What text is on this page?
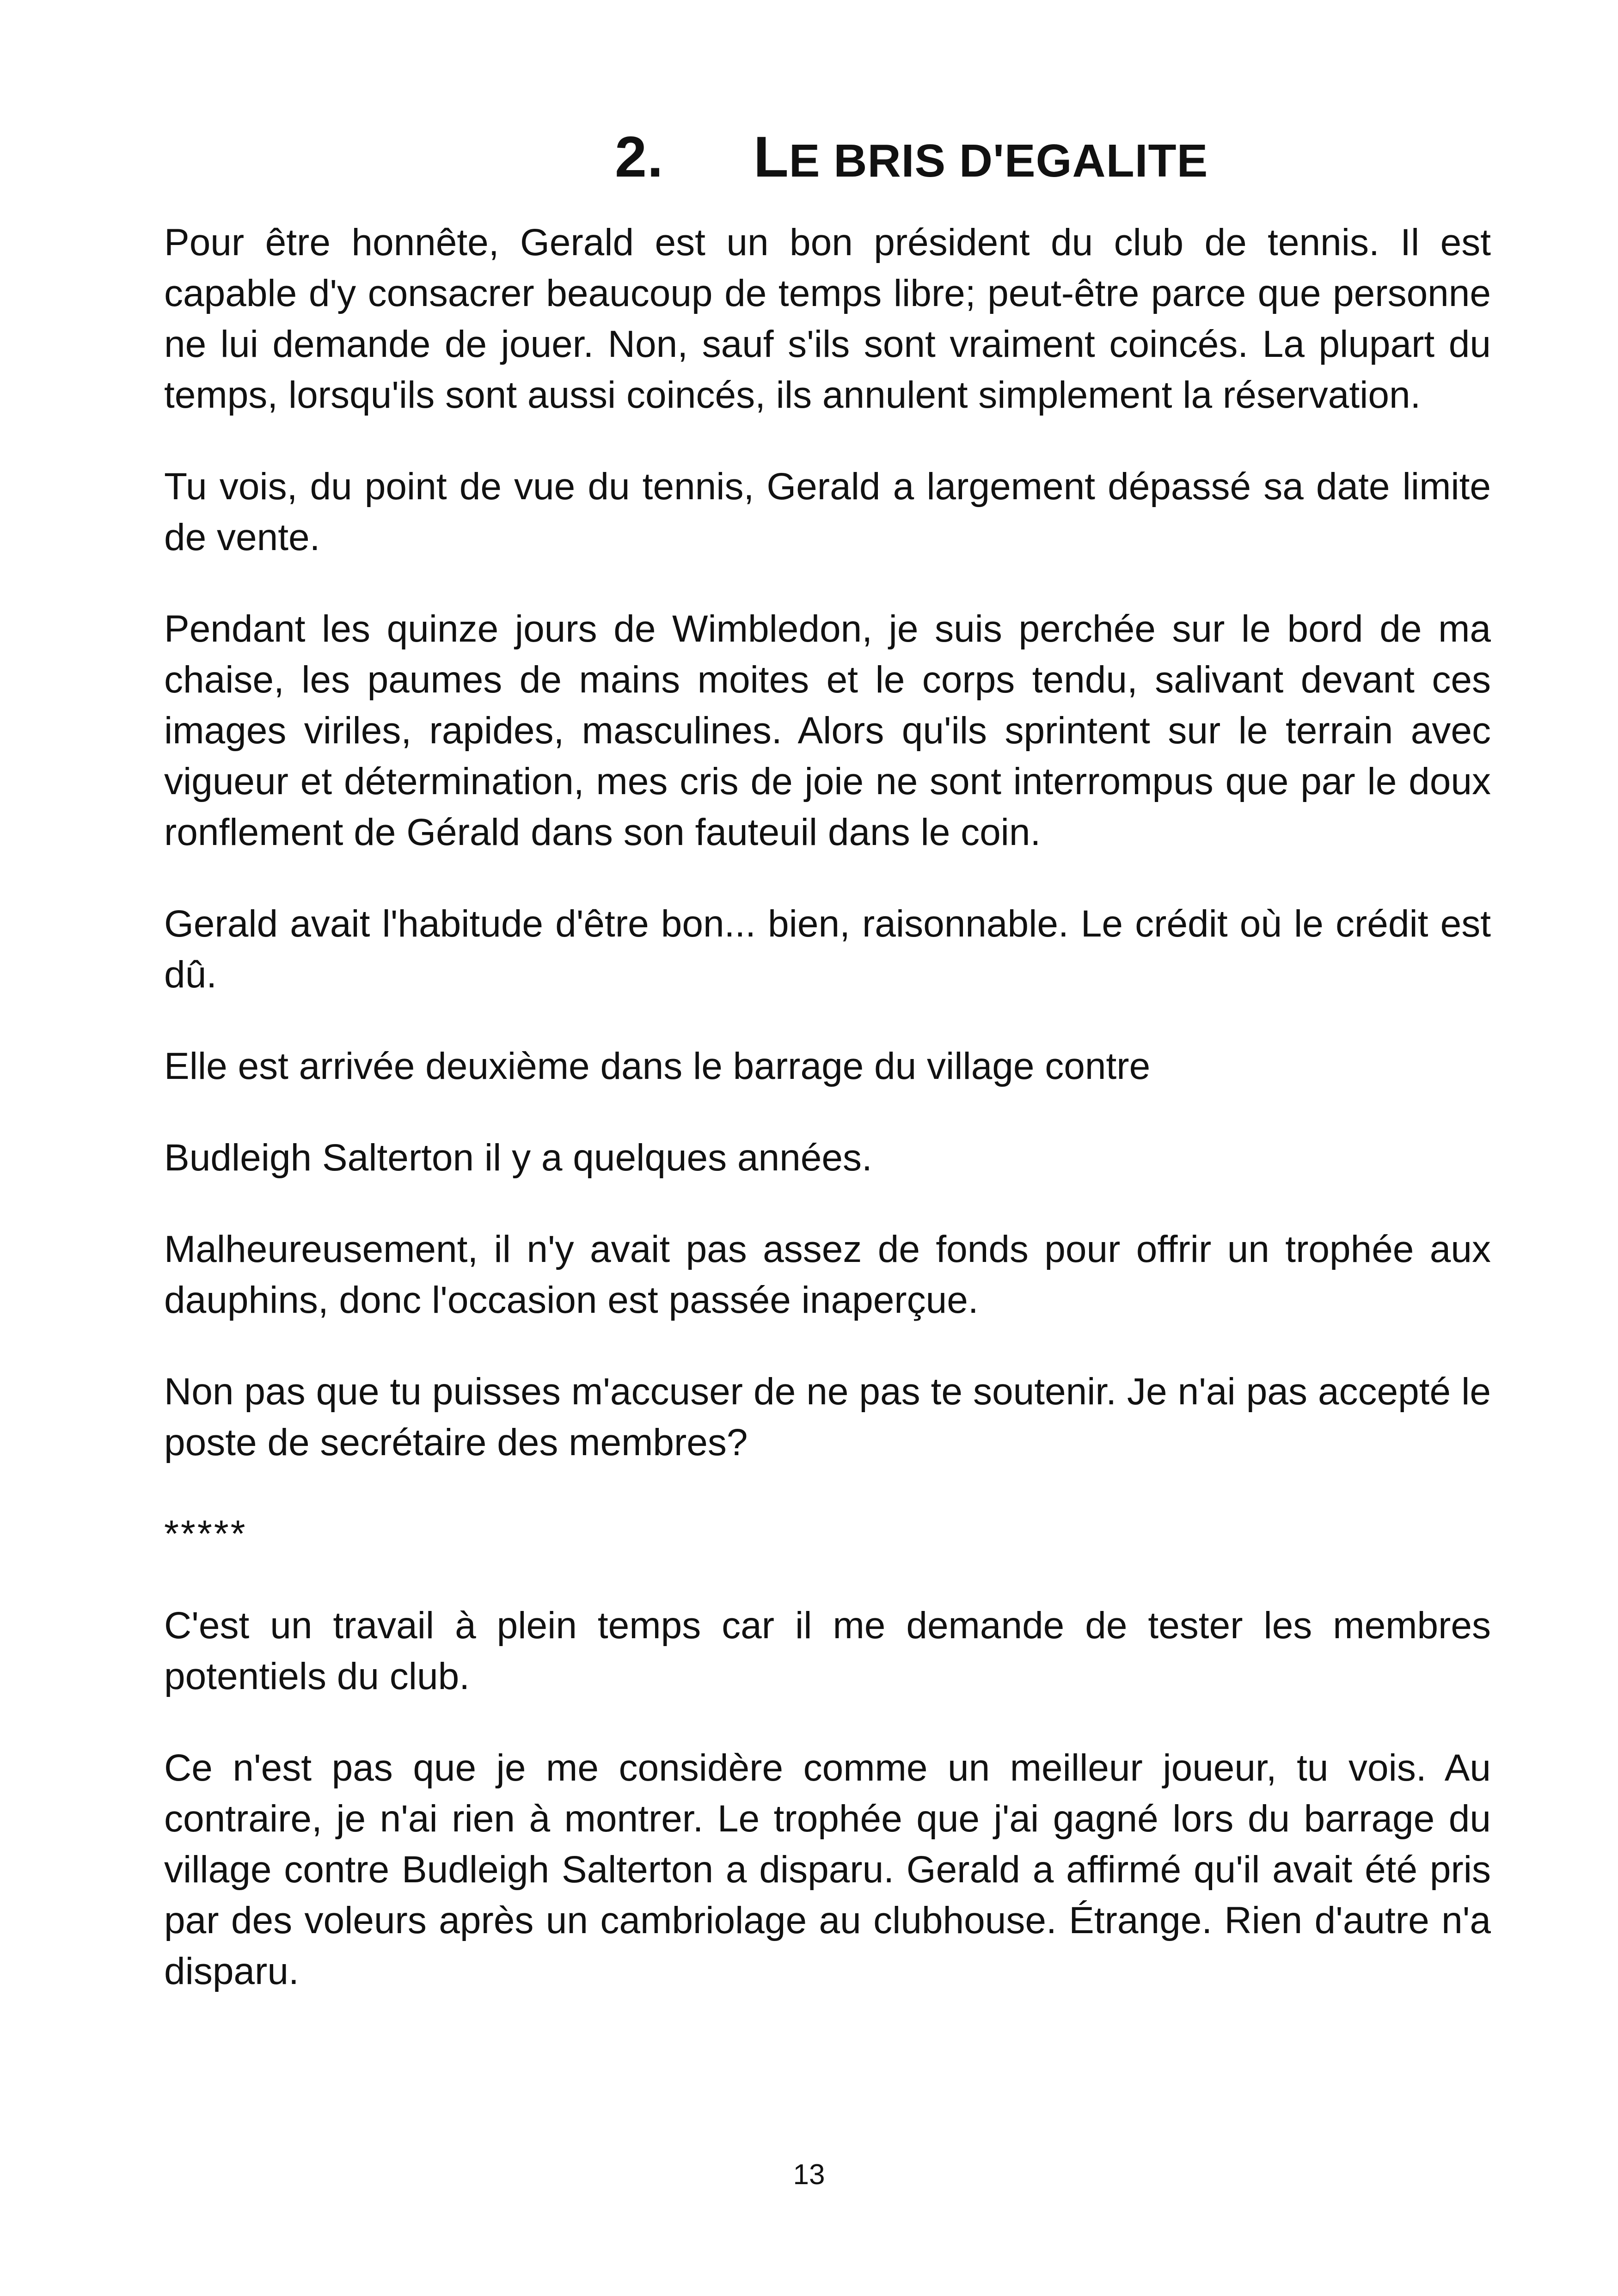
2. LE BRIS D'EGALITE

Pour être honnête, Gerald est un bon président du club de tennis. Il est capable d'y consacrer beaucoup de temps libre; peut-être parce que personne ne lui demande de jouer. Non, sauf s'ils sont vraiment coincés. La plupart du temps, lorsqu'ils sont aussi coincés, ils annulent simplement la réservation.

Tu vois, du point de vue du tennis, Gerald a largement dépassé sa date limite de vente.

Pendant les quinze jours de Wimbledon, je suis perchée sur le bord de ma chaise, les paumes de mains moites et le corps tendu, salivant devant ces images viriles, rapides, masculines. Alors qu'ils sprintent sur le terrain avec vigueur et détermination, mes cris de joie ne sont interrompus que par le doux ronflement de Gérald dans son fauteuil dans le coin.

Gerald avait l'habitude d'être bon... bien, raisonnable. Le crédit où le crédit est dû.

Elle est arrivée deuxième dans le barrage du village contre

Budleigh Salterton il y a quelques années.

Malheureusement, il n'y avait pas assez de fonds pour offrir un trophée aux dauphins, donc l'occasion est passée inaperçue.

Non pas que tu puisses m'accuser de ne pas te soutenir. Je n'ai pas accepté le poste de secrétaire des membres?

*****

C'est un travail à plein temps car il me demande de tester les membres potentiels du club.

Ce n'est pas que je me considère comme un meilleur joueur, tu vois. Au contraire, je n'ai rien à montrer. Le trophée que j'ai gagné lors du barrage du village contre Budleigh Salterton a disparu. Gerald a affirmé qu'il avait été pris par des voleurs après un cambriolage au clubhouse. Étrange. Rien d'autre n'a disparu.

13
